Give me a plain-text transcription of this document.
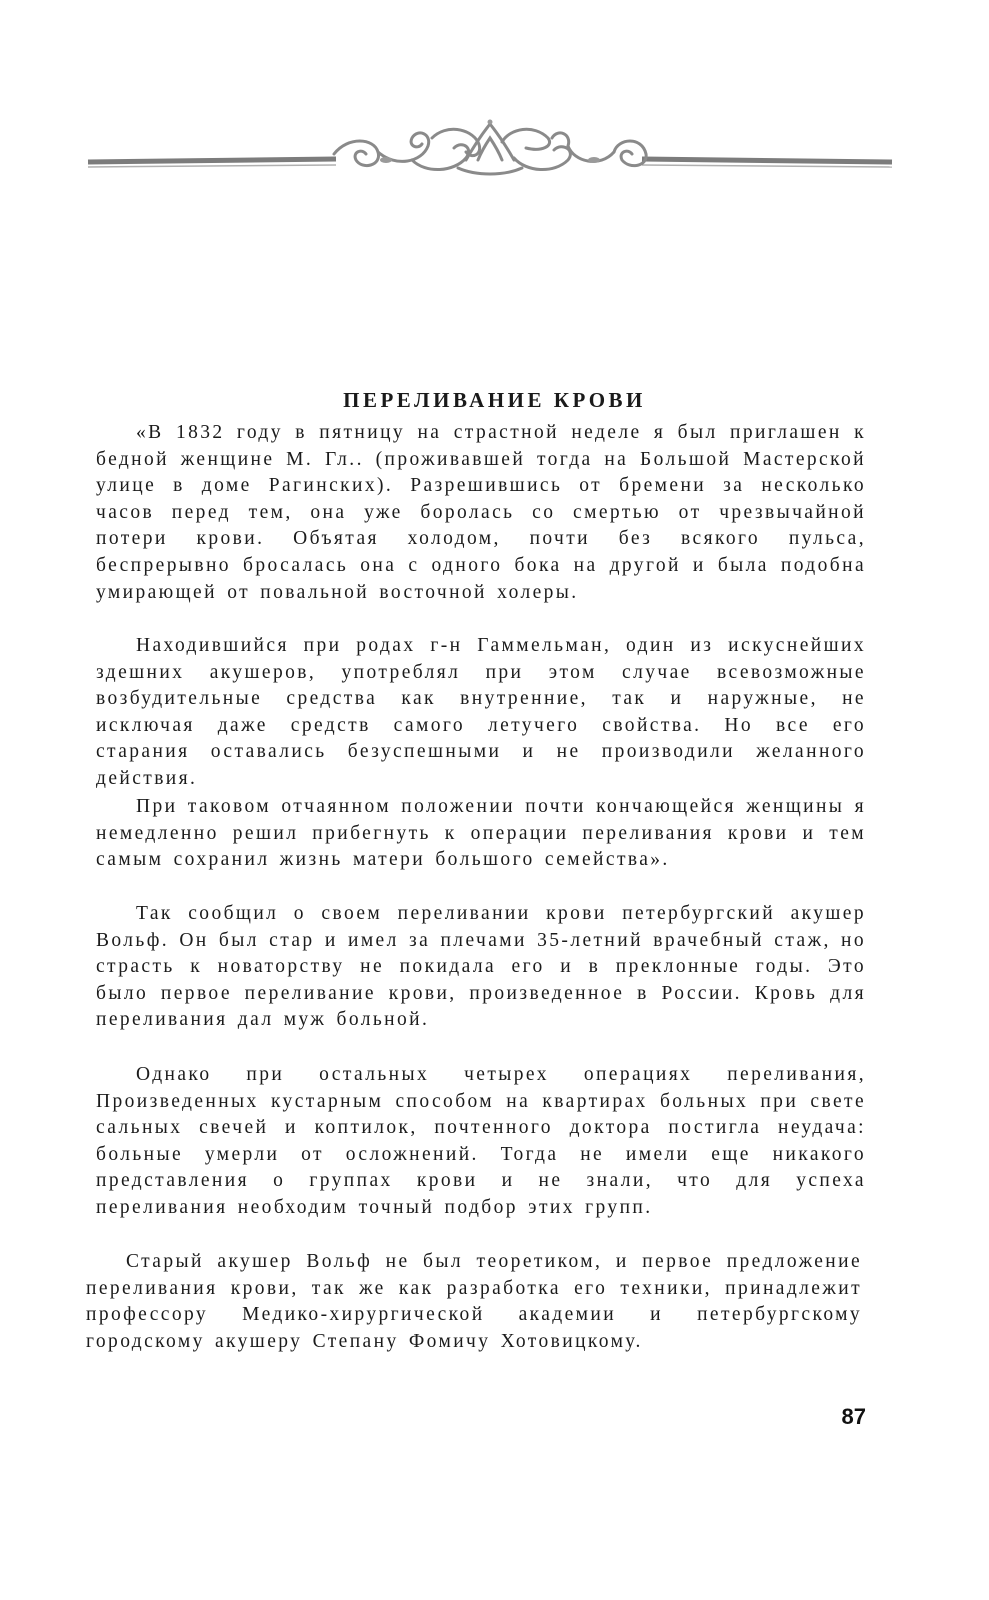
ПЕРЕЛИВАНИЕ КРОВИ

«В 1832 году в пятницу на страстной неделе я был приглашен к бедной женщине М. Гл.. (проживавшей тогда на Большой Мастерской улице в доме Рагинских). Разрешившись от бремени за несколько часов перед тем, она уже боролась со смертью от чрезвычайной потери крови. Объятая холодом, почти без всякого пульса, беспрерывно бросалась она с одного бока на другой и была подобна умирающей от повальной восточной холеры.

Находившийся при родах г-н Гаммельман, один из искуснейших здешних акушеров, употреблял при этом случае всевозможные возбудительные средства как внутренние, так и наружные, не исключая даже средств самого летучего свойства. Но все его старания оставались безуспешными и не производили желанного действия.

При таковом отчаянном положении почти кончающейся женщины я немедленно решил прибегнуть к операции переливания крови и тем самым сохранил жизнь матери большого семейства».

Так сообщил о своем переливании крови петербургский акушер Вольф. Он был стар и имел за плечами 35-летний врачебный стаж, но страсть к новаторству не покидала его и в преклонные годы. Это было первое переливание крови, произведенное в России. Кровь для переливания дал муж больной.

Однако при остальных четырех операциях переливания, Произведенных кустарным способом на квартирах больных при свете сальных свечей и коптилок, почтенного доктора постигла неудача: больные умерли от осложнений. Тогда не имели еще никакого представления о группах крови и не знали, что для успеха переливания необходим точный подбор этих групп.

Старый акушер Вольф не был теоретиком, и первое предложение переливания крови, так же как разработка его техники, принадлежит профессору Медико-хирургической академии и петербургскому городскому акушеру Степану Фомичу Хотовицкому.

87
